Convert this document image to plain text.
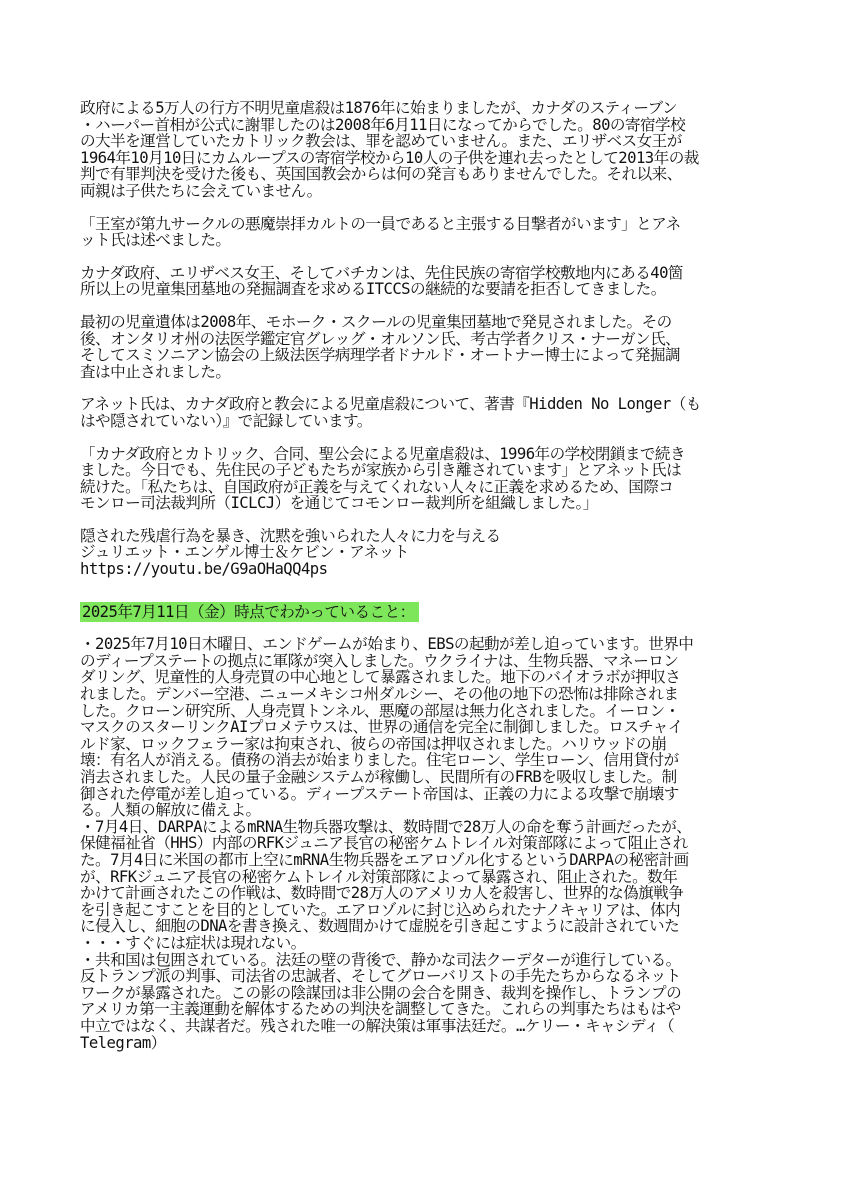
政府による5万人の行方不明児童虐殺は1876年に始まりましたが、カナダのスティーブン
・ハーパー首相が公式に謝罪したのは2008年6月11日になってからでした。80の寄宿学校
の大半を運営していたカトリック教会は、罪を認めていません。また、エリザベス女王が
1964年10月10日にカムループスの寄宿学校から10人の子供を連れ去ったとして2013年の裁
判で有罪判決を受けた後も、英国国教会からは何の発言もありませんでした。それ以来、
両親は子供たちに会えていません。

「王室が第九サークルの悪魔崇拝カルトの一員であると主張する目撃者がいます」とアネ
ット氏は述べました。

カナダ政府、エリザベス女王、そしてバチカンは、先住民族の寄宿学校敷地内にある40箇
所以上の児童集団墓地の発掘調査を求めるITCCSの継続的な要請を拒否してきました。

最初の児童遺体は2008年、モホーク・スクールの児童集団墓地で発見されました。その
後、オンタリオ州の法医学鑑定官グレッグ・オルソン氏、考古学者クリス・ナーガン氏、
そしてスミソニアン協会の上級法医学病理学者ドナルド・オートナー博士によって発掘調
査は中止されました。

アネット氏は、カナダ政府と教会による児童虐殺について、著書『Hidden No Longer（も
はや隠されていない）』で記録しています。

「カナダ政府とカトリック、合同、聖公会による児童虐殺は、1996年の学校閉鎖まで続き
ました。今日でも、先住民の子どもたちが家族から引き離されています」とアネット氏は
続けた。「私たちは、自国政府が正義を与えてくれない人々に正義を求めるため、国際コ
モンロー司法裁判所（ICLCJ）を通じてコモンロー裁判所を組織しました。」

隠された残虐行為を暴き、沈黙を強いられた人々に力を与える
ジュリエット・エンゲル博士＆ケビン・アネット
https://youtu.be/G9aOHaQQ4ps

2025年7月11日（金）時点でわかっていること：
・2025年7月10日木曜日、エンドゲームが始まり、EBSの起動が差し迫っています。世界中
のディープステートの拠点に軍隊が突入しました。ウクライナは、生物兵器、マネーロン
ダリング、児童性的人身売買の中心地として暴露されました。地下のバイオラボが押収さ
れました。デンバー空港、ニューメキシコ州ダルシー、その他の地下の恐怖は排除されま
した。クローン研究所、人身売買トンネル、悪魔の部屋は無力化されました。イーロン・
マスクのスターリンクAIプロメテウスは、世界の通信を完全に制御しました。ロスチャイ
ルド家、ロックフェラー家は拘束され、彼らの帝国は押収されました。ハリウッドの崩
壊：有名人が消える。債務の消去が始まりました。住宅ローン、学生ローン、信用貸付が
消去されました。人民の量子金融システムが稼働し、民間所有のFRBを吸収しました。制
御された停電が差し迫っている。ディープステート帝国は、正義の力による攻撃で崩壊す
る。人類の解放に備えよ。
・7月4日、DARPAによるmRNA生物兵器攻撃は、数時間で28万人の命を奪う計画だったが、
保健福祉省（HHS）内部のRFKジュニア長官の秘密ケムトレイル対策部隊によって阻止され
た。7月4日に米国の都市上空にmRNA生物兵器をエアロゾル化するというDARPAの秘密計画
が、RFKジュニア長官の秘密ケムトレイル対策部隊によって暴露され、阻止された。数年
かけて計画されたこの作戦は、数時間で28万人のアメリカ人を殺害し、世界的な偽旗戦争
を引き起こすことを目的としていた。エアロゾルに封じ込められたナノキャリアは、体内
に侵入し、細胞のDNAを書き換え、数週間かけて虚脱を引き起こすように設計されていた
・・・すぐには症状は現れない。
・共和国は包囲されている。法廷の壁の背後で、静かな司法クーデターが進行している。
反トランプ派の判事、司法省の忠誠者、そしてグローバリストの手先たちからなるネット
ワークが暴露された。この影の陰謀団は非公開の会合を開き、裁判を操作し、トランプの
アメリカ第一主義運動を解体するための判決を調整してきた。これらの判事たちはもはや
中立ではなく、共謀者だ。残された唯一の解決策は軍事法廷だ。…ケリー・キャシディ（
Telegram）
